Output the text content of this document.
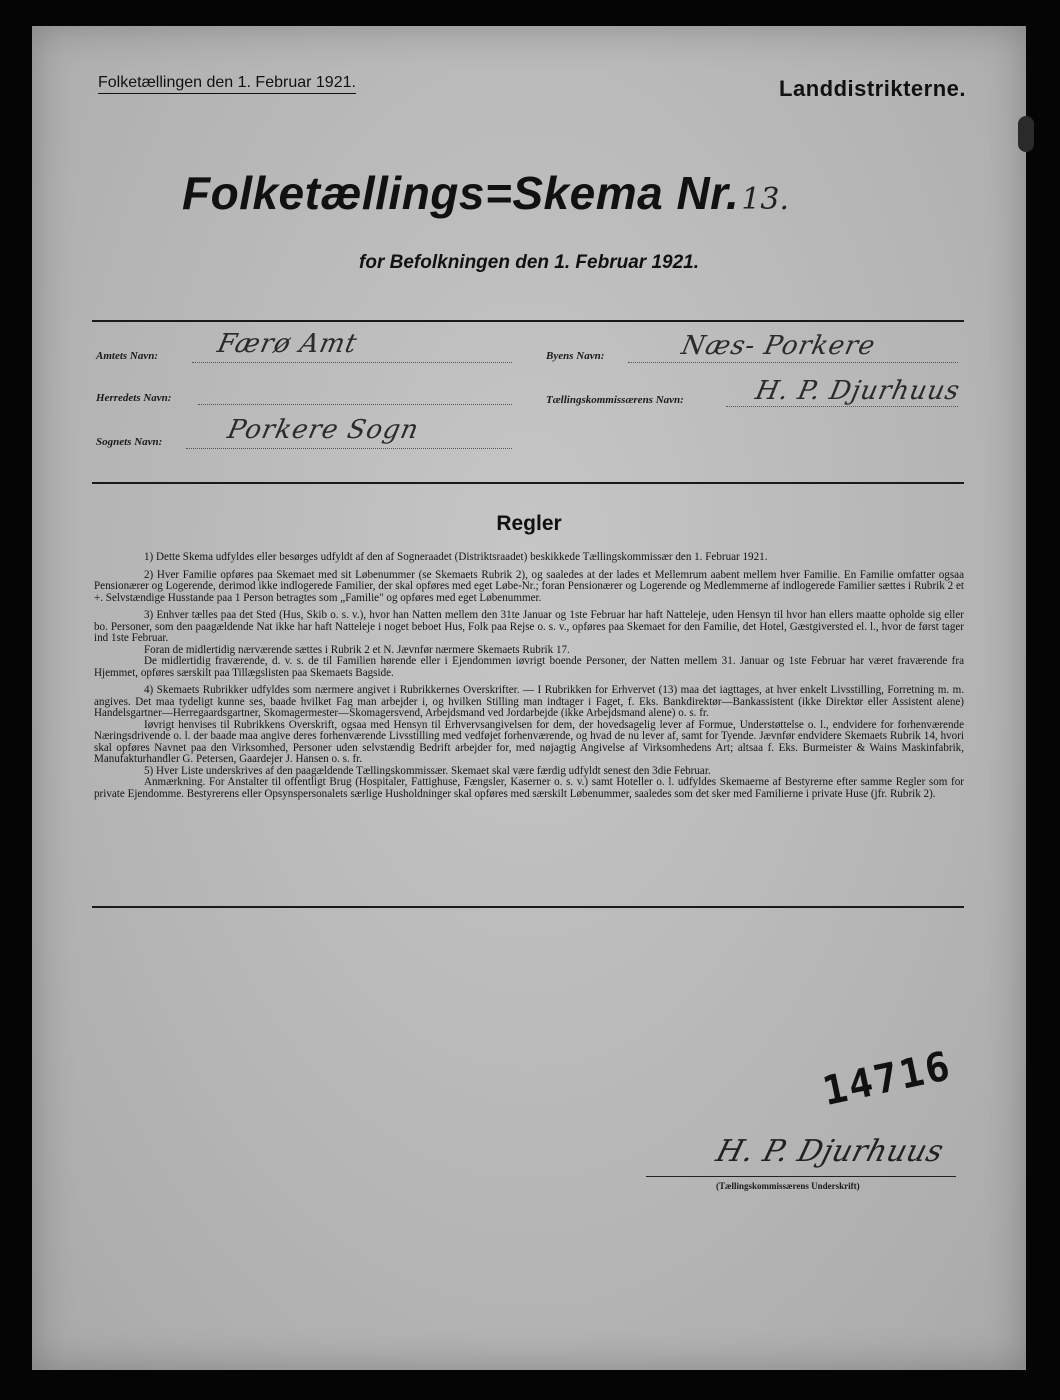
Folketællingen den 1. Februar 1921.	Landdistrikterne.
Folketællings=Skema Nr.13.
for Befolkningen den 1. Februar 1921.
Amtets Navn: Færø Amt	Byens Navn:	Næs- Porkere
Herredets Navn:	Tællingskommissærens Navn:	H. P. Djurhuus
Sognets Navn: Porkere Sogn
Regler

1) Dette Skema udfyldes eller besørges udfyldt af den af Sogneraadet (Distriktsraadet) beskikkede Tællingskommissær den 1. Februar 1921.

2) Hver Familie opføres paa Skemaet med sit Løbenummer (se Skemaets Rubrik 2), og saaledes at der lades et Mellemrum aabent mellem hver Familie. En Familie omfatter ogsaa Pensionærer og Logerende, derimod ikke indlogerede Familier, der skal opføres med eget Løbe-Nr.; foran Pensionærer og Logerende og Medlemmerne af indlogerede Familier sættes i Rubrik 2 et +. Selvstændige Husstande paa 1 Person betragtes som „Familie" og opføres med eget Løbenummer.

3) Enhver tælles paa det Sted (Hus, Skib o. s. v.), hvor han Natten mellem den 31te Januar og 1ste Februar har haft Natteleje, uden Hensyn til hvor han ellers maatte opholde sig eller bo. Personer, som den paagældende Nat ikke har haft Natteleje i noget beboet Hus, Folk paa Rejse o. s. v., opføres paa Skemaet for den Familie, det Hotel, Gæstgiversted el. l., hvor de først tager ind 1ste Februar.

Foran de midlertidig nærværende sættes i Rubrik 2 et N. Jævnfør nærmere Skemaets Rubrik 17.

De midlertidig fraværende, d. v. s. de til Familien hørende eller i Ejendommen iøvrigt boende Personer, der Natten mellem 31. Januar og 1ste Februar har været fraværende fra Hjemmet, opføres særskilt paa Tillægslisten paa Skemaets Bagside.

4) Skemaets Rubrikker udfyldes som nærmere angivet i Rubrikkernes Overskrifter. — I Rubrikken for Erhvervet (13) maa det iagttages, at hver enkelt Livsstilling, Forretning m. m. angives. Det maa tydeligt kunne ses, baade hvilket Fag man arbejder i, og hvilken Stilling man indtager i Faget, f. Eks. Bankdirektør—Bankassistent (ikke Direktør eller Assistent alene) Handelsgartner—Herregaardsgartner, Skomagermester—Skomagersvend, Arbejdsmand ved Jordarbejde (ikke Arbejdsmand alene) o. s. fr.

Iøvrigt henvises til Rubrikkens Overskrift, ogsaa med Hensyn til Erhvervsangivelsen for dem, der hovedsagelig lever af Formue, Understøttelse o. l., endvidere for forhenværende Næringsdrivende o. l. der baade maa angive deres forhenværende Livsstilling med vedføjet forhenværende, og hvad de nu lever af, samt for Tyende. Jævnfør endvidere Skemaets Rubrik 14, hvori skal opføres Navnet paa den Virksomhed, Personer uden selvstændig Bedrift arbejder for, med nøjagtig Angivelse af Virksomhedens Art; altsaa f. Eks. Burmeister & Wains Maskinfabrik, Manufakturhandler G. Petersen, Gaardejer J. Hansen o. s. fr.

5) Hver Liste underskrives af den paagældende Tællingskommissær. Skemaet skal være færdig udfyldt senest den 3die Februar.

Anmærkning. For Anstalter til offentligt Brug (Hospitaler, Fattighuse, Fængsler, Kaserner o. s. v.) samt Hoteller o. l. udfyldes Skemaerne af Bestyrerne efter samme Regler som for private Ejendomme. Bestyrerens eller Opsynspersonalets særlige Husholdninger skal opføres med særskilt Løbenummer, saaledes som det sker med Familierne i private Huse (jfr. Rubrik 2).

14716
H. P. Djurhuus
(Tællingskommissærens Underskrift)
